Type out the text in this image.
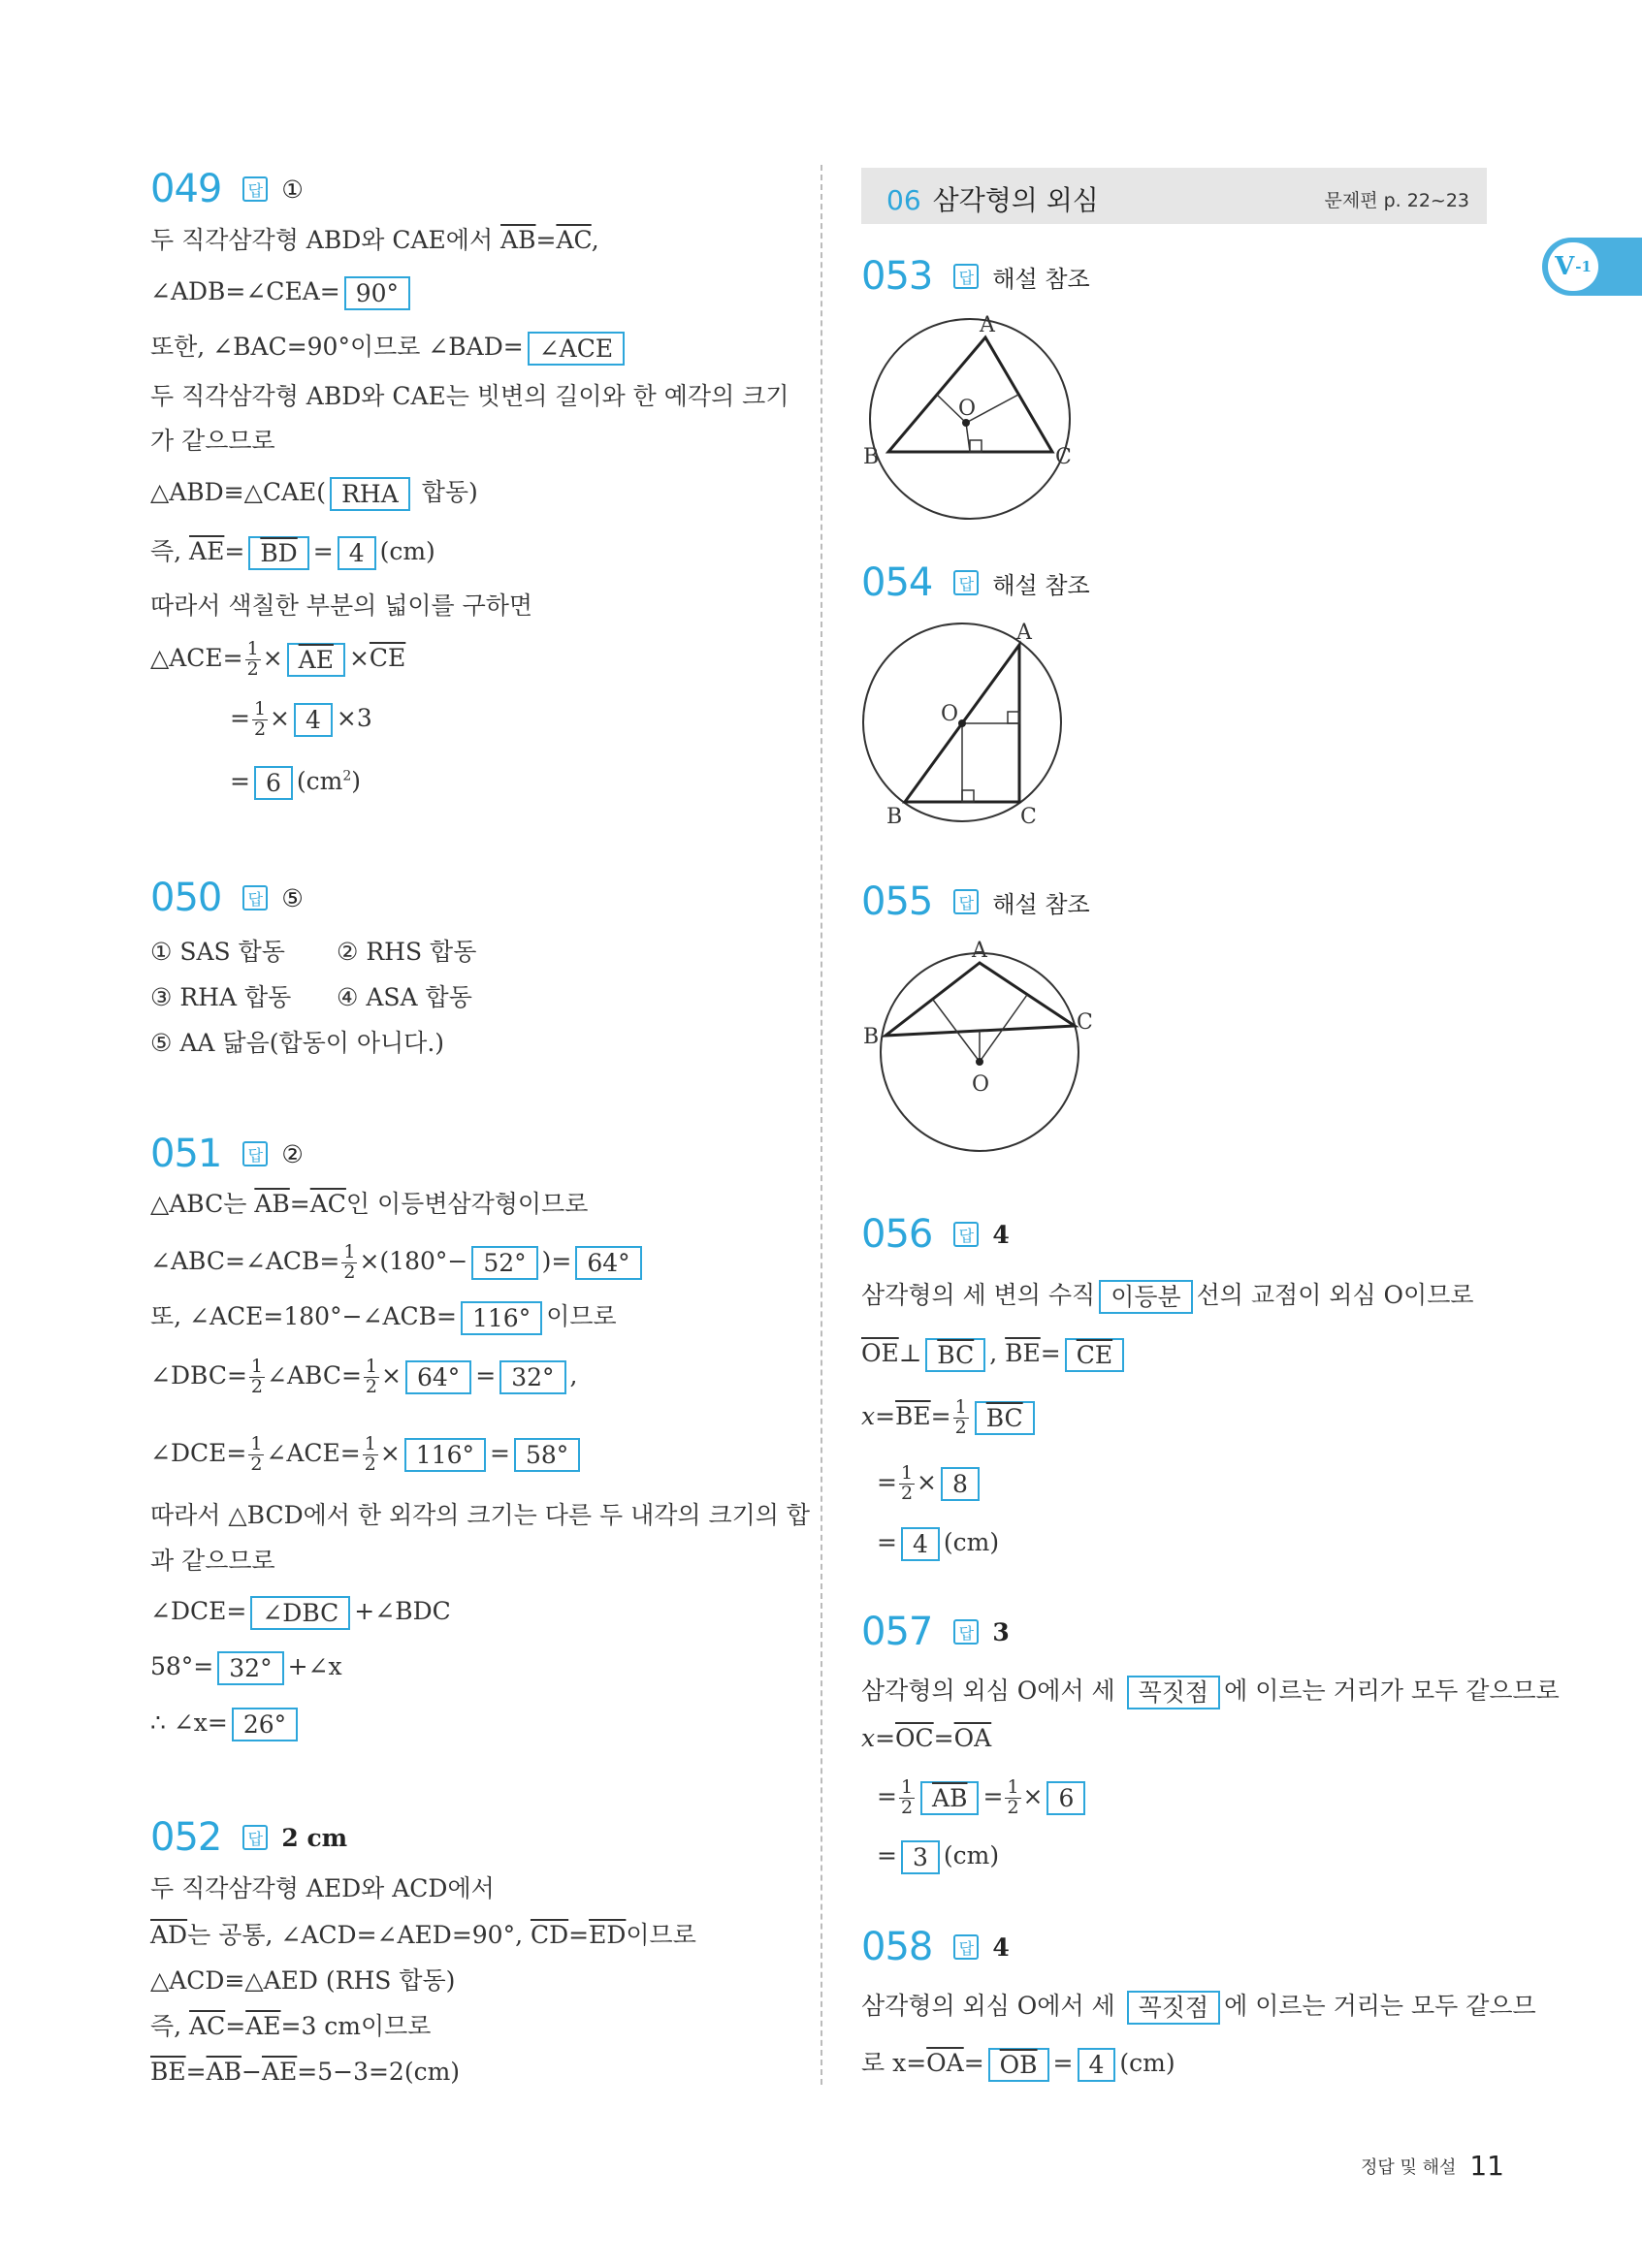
049	답 ①
두 직각삼각형 ABD와 CAE에서 $\overline{AB}=\overline{AC}$,
∠ADB=∠CEA= 90°
또한, ∠BAC=90°이므로 ∠BAD= ∠ACE
두 직각삼각형 ABD와 CAE는 빗변의 길이와 한 예각의 크기
가 같으므로
△ABD≡△CAE( RHA 합동)
즉, $\overline{AE}= \overline{BD} = 4$ (cm)
따라서 색칠한 부분의 넓이를 구하면
△ACE= $\frac{1}{2} \times \overline{AE} \times\overline{CE}$
= $\frac{1}{2} \times 4 \times 3$
= 6 $(cm^2)$
050	답 ⑤
① SAS 합동 ② RHS 합동
③ RHA 합동 ④ ASA 합동
⑤ AA 닮음(합동이 아니다.)
051	답 ②
△ABC는 $\overline{AB}=\overline{AC}$인 이등변삼각형이므로
∠ABC=∠ACB= $\frac{1}{2} \times(180^\circ- 52^\circ$ )= 64°
또, ∠ACE=180°−∠ACB= 116° 이므로
∠DBC= $\frac{1}{2}$ ∠ABC= $\frac{1}{2} \times 64^\circ = 32^\circ$ ,
∠DCE= $\frac{1}{2}$ ∠ACE= $\frac{1}{2} \times 116^\circ = 58^\circ$
따라서 △BCD에서 한 외각의 크기는 다른 두 내각의 크기의 합
과 같으므로
∠DCE= ∠DBC +∠BDC
58°= 32° +∠x
∴ ∠x= 26°
052	답 2 cm
두 직각삼각형 AED와 ACD에서
$\overline{AD}$는 공통, ∠ACD=∠AED=90°, $\overline{CD}=\overline{ED}$이므로
△ACD≡△AED (RHS 합동)
즉, $\overline{AC}=\overline{AE}=3$ cm이므로
$\overline{BE}=\overline{AB}-\overline{AE}=5-3=2(cm)$
06 삼각형의 외심	문제편 p. 22~23
V -1
053	답 해설 참조
A
B	C
O
054	답 해설 참조
A
B	C
O
055	답 해설 참조
A
B
C
O
056	답 4
삼각형의 세 변의 수직 이등분 선의 교점이 외심 O이므로
$\overline{OE}\perp$ $\overline{BC}$ , $\overline{BE}= \overline{CE}$
$x=\overline{BE}= \frac{1}{2} \overline{BC}$
= $\frac{1}{2} \times 8$
= 4 (cm)
057	답 3
삼각형의 외심 O에서 세 꼭짓점 에 이르는 거리가 모두 같으므로
$x=\overline{OC}=\overline{OA}$
= $\frac{1}{2} \overline{AB} = \frac{1}{2} \times 6$
= 3 (cm)
058	답 4
삼각형의 외심 O에서 세 꼭짓점 에 이르는 거리는 모두 같으므
로 $x=\overline{OA}= \overline{OB} = 4$ (cm)
정답 및 해설 11
